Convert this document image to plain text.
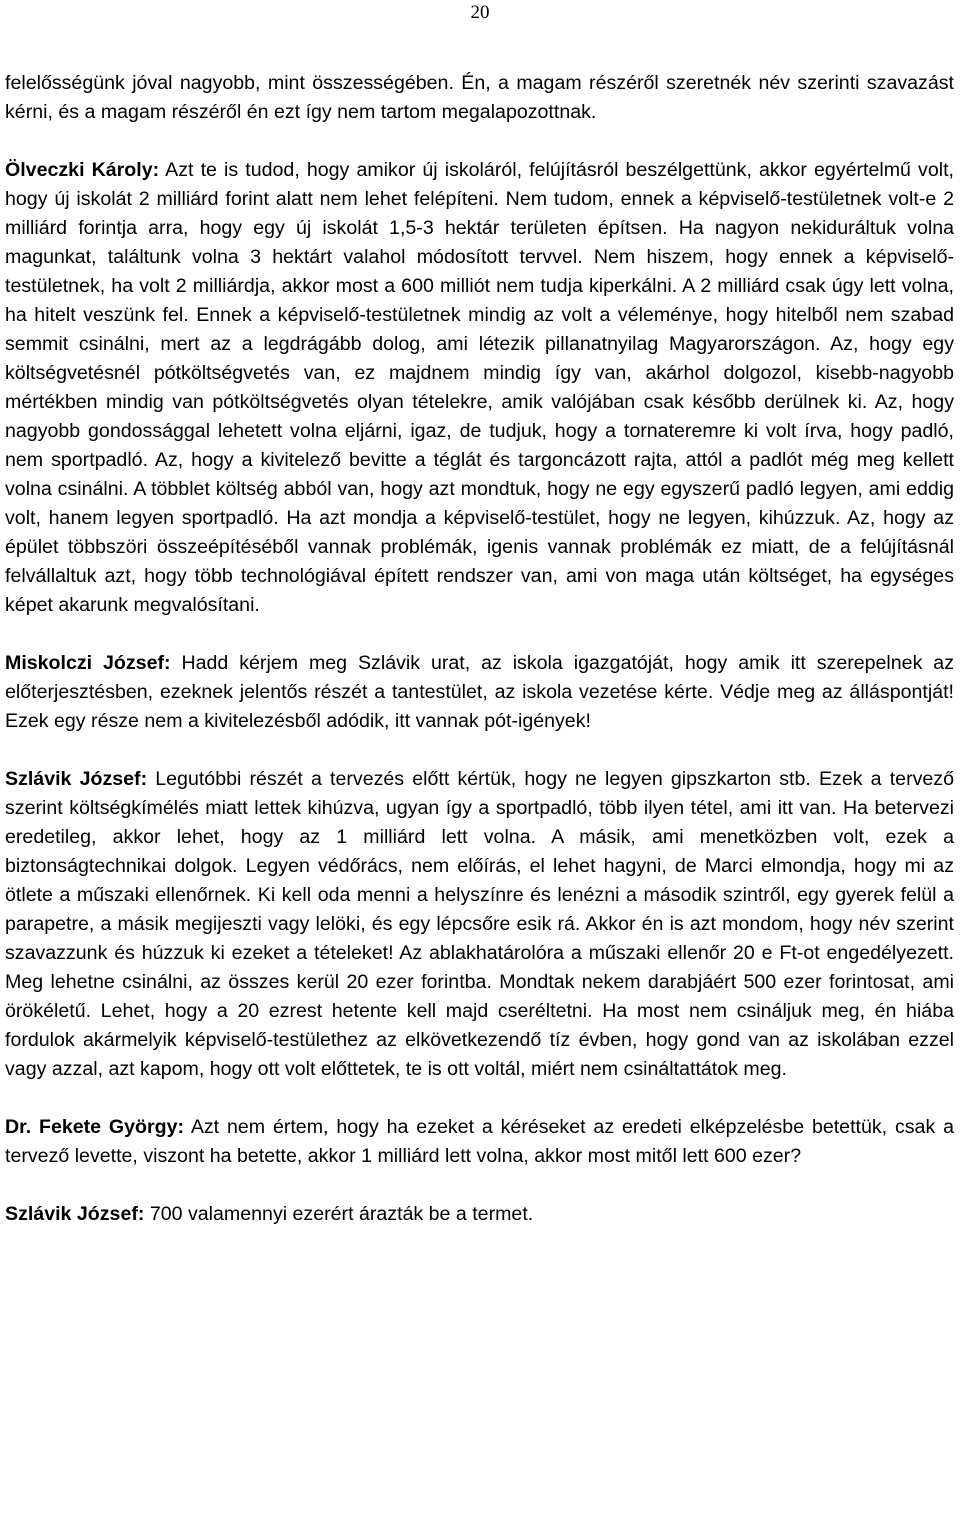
20

felelősségünk jóval nagyobb, mint összességében. Én, a magam részéről szeretnék név szerinti szavazást kérni, és a magam részéről én ezt így nem tartom megalapozottnak.

Ölveczki Károly: Azt te is tudod, hogy amikor új iskoláról, felújításról beszélgettünk, akkor egyértelmű volt, hogy új iskolát 2 milliárd forint alatt nem lehet felépíteni. Nem tudom, ennek a képviselő-testületnek volt-e 2 milliárd forintja arra, hogy egy új iskolát 1,5-3 hektár területen építsen. Ha nagyon nekiduráltuk volna magunkat, találtunk volna 3 hektárt valahol módosított tervvel. Nem hiszem, hogy ennek a képviselő-testületnek, ha volt 2 milliárdja, akkor most a 600 milliót nem tudja kiperkálni. A 2 milliárd csak úgy lett volna, ha hitelt veszünk fel. Ennek a képviselő-testületnek mindig az volt a véleménye, hogy hitelből nem szabad semmit csinálni, mert az a legdrágább dolog, ami létezik pillanatnyilag Magyarországon. Az, hogy egy költségvetésnél pótköltségvetés van, ez majdnem mindig így van, akárhol dolgozol, kisebb-nagyobb mértékben mindig van pótköltségvetés olyan tételekre, amik valójában csak később derülnek ki. Az, hogy nagyobb gondossággal lehetett volna eljárni, igaz, de tudjuk, hogy a tornateremre ki volt írva, hogy padló, nem sportpadló. Az, hogy a kivitelező bevitte a téglát és targoncázott rajta, attól a padlót még meg kellett volna csinálni. A többlet költség abból van, hogy azt mondtuk, hogy ne egy egyszerű padló legyen, ami eddig volt, hanem legyen sportpadló. Ha azt mondja a képviselő-testület, hogy ne legyen, kihúzzuk. Az, hogy az épület többszöri összeépítéséből vannak problémák, igenis vannak problémák ez miatt, de a felújításnál felvállaltuk azt, hogy több technológiával épített rendszer van, ami von maga után költséget, ha egységes képet akarunk megvalósítani.

Miskolczi József: Hadd kérjem meg Szlávik urat, az iskola igazgatóját, hogy amik itt szerepelnek az előterjesztésben, ezeknek jelentős részét a tantestület, az iskola vezetése kérte. Védje meg az álláspontját! Ezek egy része nem a kivitelezésből adódik, itt vannak pót-igények!

Szlávik József: Legutóbbi részét a tervezés előtt kértük, hogy ne legyen gipszkarton stb. Ezek a tervező szerint költségkímélés miatt lettek kihúzva, ugyan így a sportpadló, több ilyen tétel, ami itt van. Ha betervezi eredetileg, akkor lehet, hogy az 1 milliárd lett volna. A másik, ami menetközben volt, ezek a biztonságtechnikai dolgok. Legyen védőrács, nem előírás, el lehet hagyni, de Marci elmondja, hogy mi az ötlete a műszaki ellenőrnek. Ki kell oda menni a helyszínre és lenézni a második szintről, egy gyerek felül a parapetre, a másik megijeszti vagy lelöki, és egy lépcsőre esik rá. Akkor én is azt mondom, hogy név szerint szavazzunk és húzzuk ki ezeket a tételeket! Az ablakhatárolóra a műszaki ellenőr 20 e Ft-ot engedélyezett. Meg lehetne csinálni, az összes kerül 20 ezer forintba. Mondtak nekem darabjáért 500 ezer forintosat, ami örökéletű. Lehet, hogy a 20 ezrest hetente kell majd cseréltetni. Ha most nem csináljuk meg, én hiába fordulok akármelyik képviselő-testülethez az elkövetkezendő tíz évben, hogy gond van az iskolában ezzel vagy azzal, azt kapom, hogy ott volt előttetek, te is ott voltál, miért nem csináltattátok meg.

Dr. Fekete György: Azt nem értem, hogy ha ezeket a kéréseket az eredeti elképzelésbe betettük, csak a tervező levette, viszont ha betette, akkor 1 milliárd lett volna, akkor most mitől lett 600 ezer?

Szlávik József: 700 valamennyi ezerért árazták be a termet.
